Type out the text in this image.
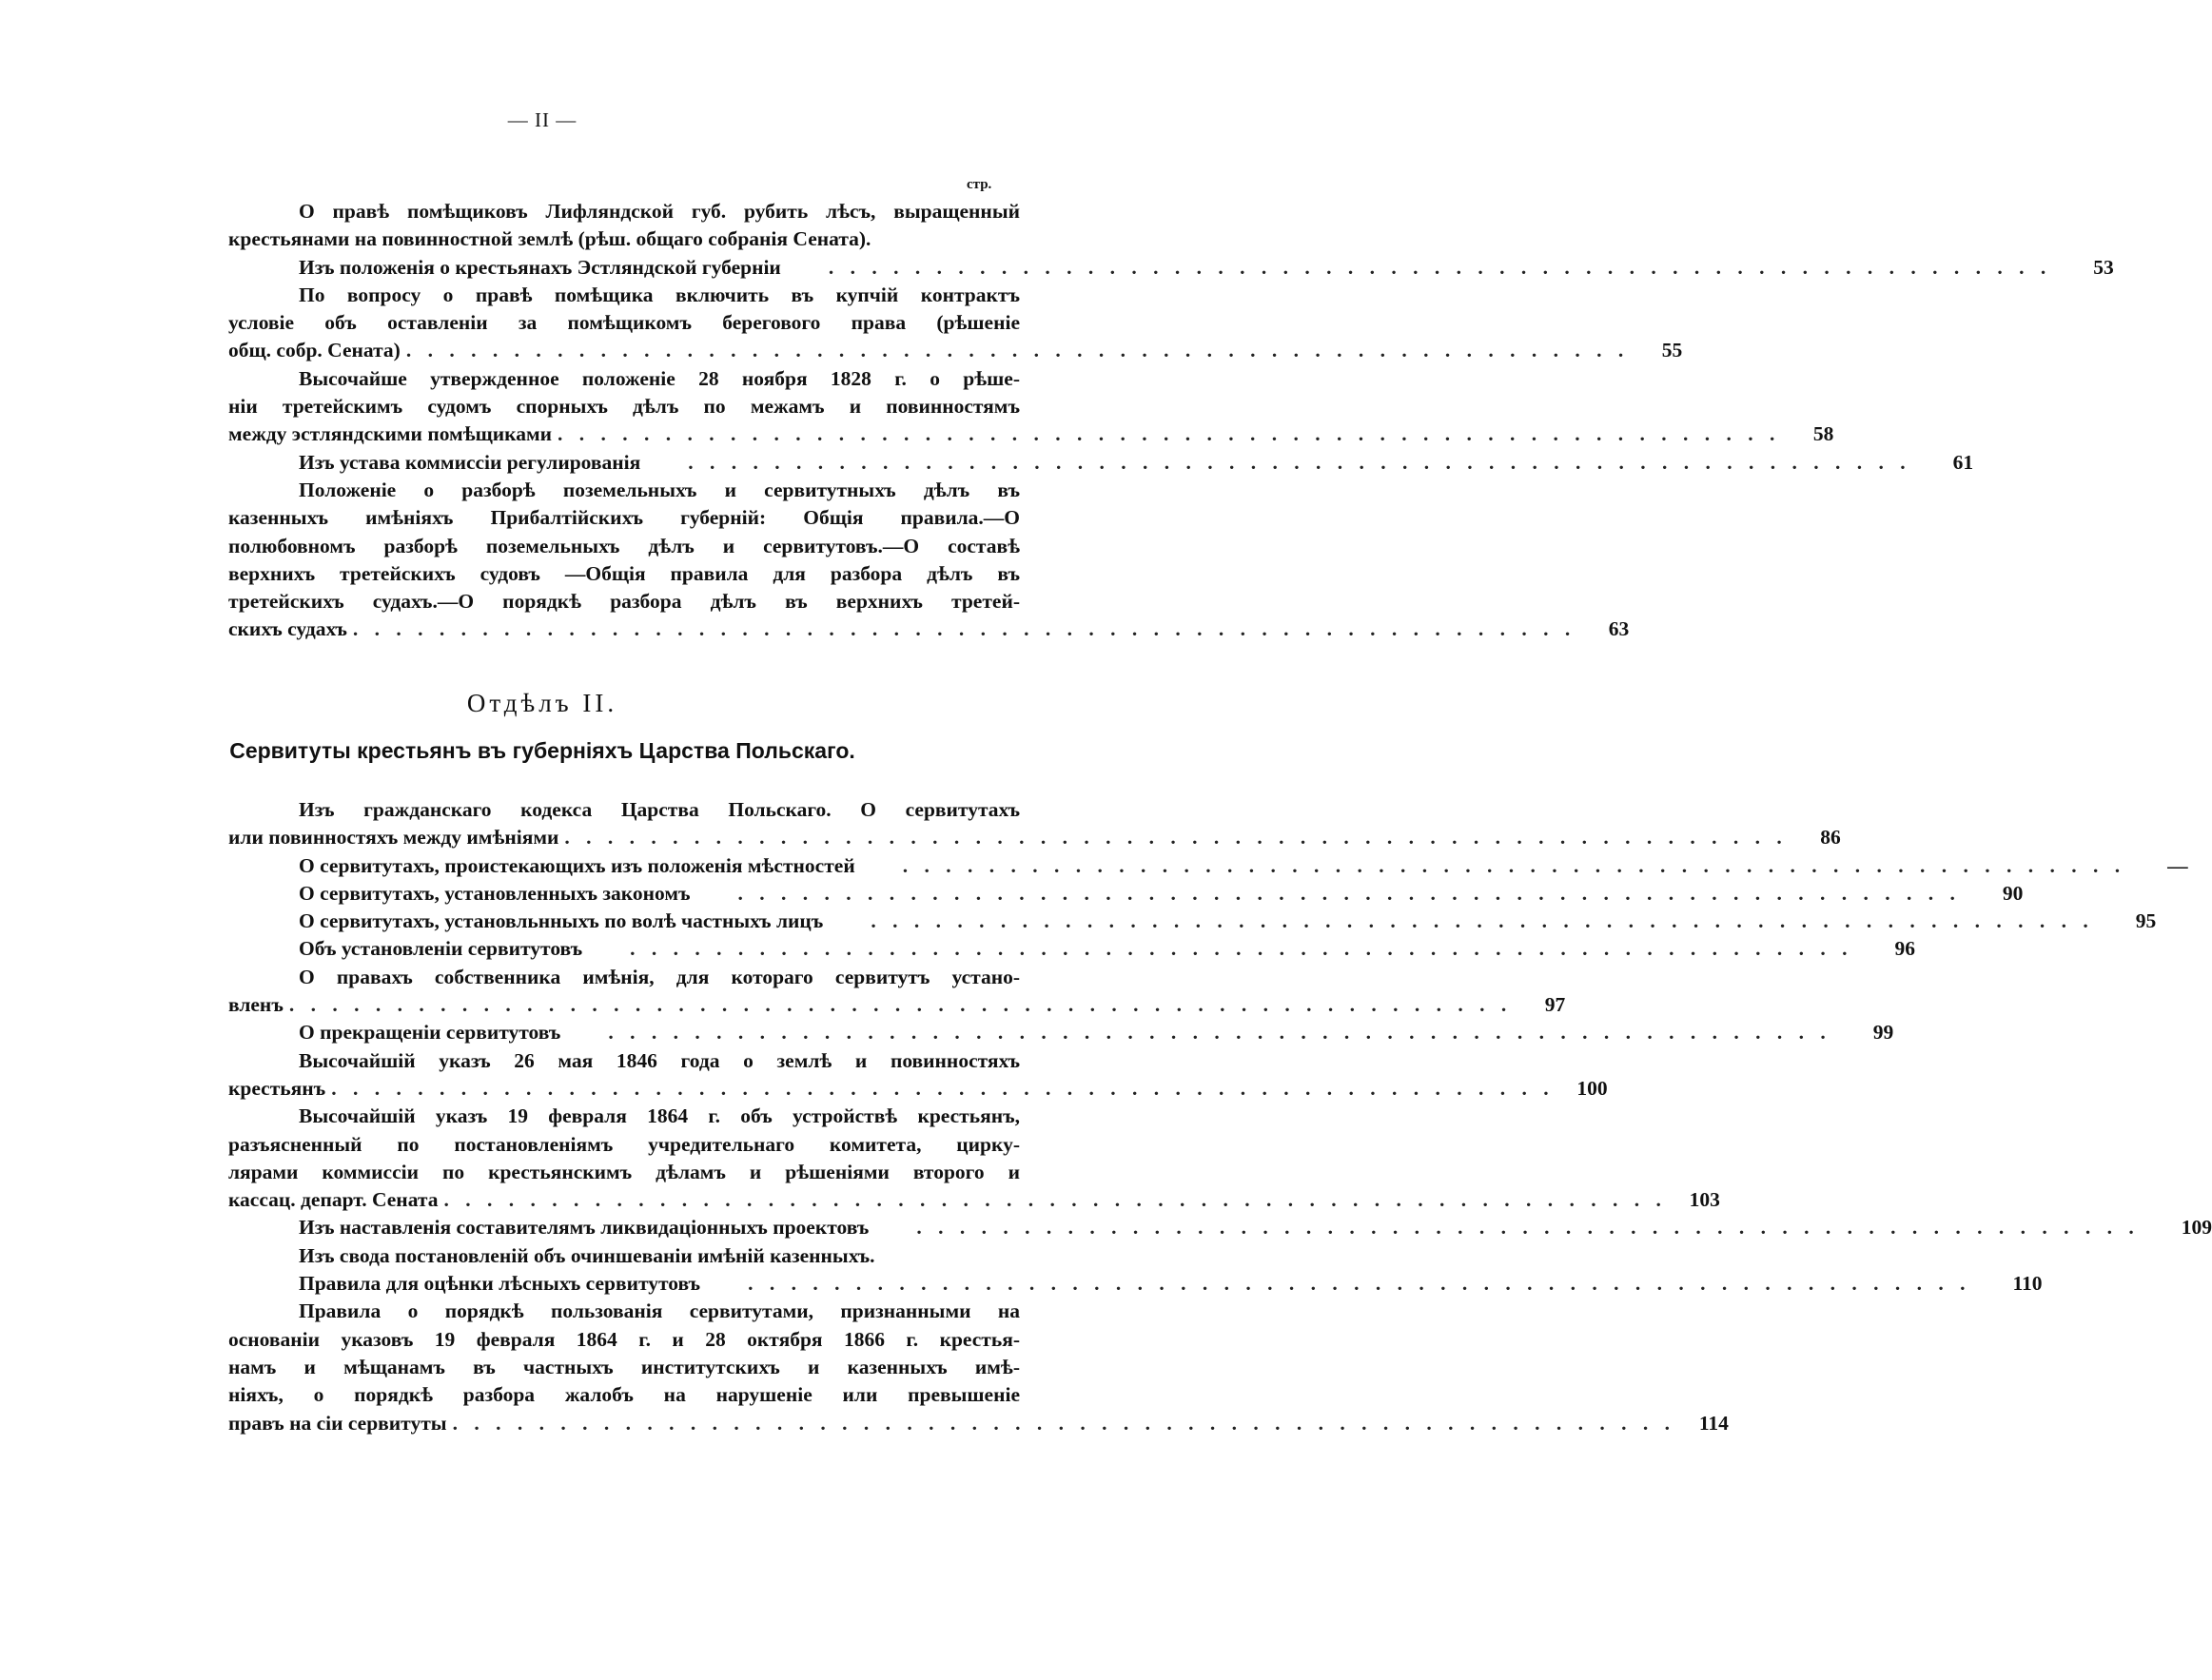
— II —
стр.
О правѣ помѣщиковъ Лифляндской губ. рубить лѣсъ, выращенный
крестьянами на повинностной землѣ (рѣш. общаго собранія Сената).
Изъ положенія о крестьянахъ Эстляндской губерніи	. . . . . . . . . . . . . . . . . . . . . . . . . . . . . . . . . . . . . . . . . . . . . . . . . . . . . . . . .	53
По вопросу о правѣ помѣщика включить въ купчій контрактъ
условіе объ оставленіи за помѣщикомъ берегового права (рѣшеніе
общ. собр. Сената) . . . . . . . . . . . . . . . . . . . . . . . . . . . . . . . . . . . . . . . . . . . . . . . . . . . . . . . . .	55
Высочайше утвержденное положеніе 28 ноября 1828 г. о рѣше-
ніи третейскимъ судомъ спорныхъ дѣлъ по межамъ и повинностямъ
между эстляндскими помѣщиками . . . . . . . . . . . . . . . . . . . . . . . . . . . . . . . . . . . . . . . . . . . . . . . . . . . . . . . . .	58
Изъ устава коммиссіи регулированія	. . . . . . . . . . . . . . . . . . . . . . . . . . . . . . . . . . . . . . . . . . . . . . . . . . . . . . . . .	61
Положеніе о разборѣ поземельныхъ и сервитутныхъ дѣлъ въ
казенныхъ имѣніяхъ Прибалтійскихъ губерній: Общія правила.—О
полюбовномъ разборѣ поземельныхъ дѣлъ и сервитутовъ.—О составѣ
верхнихъ третейскихъ судовъ —Общія правила для разбора дѣлъ въ
третейскихъ судахъ.—О порядкѣ разбора дѣлъ въ верхнихъ третей-
скихъ судахъ . . . . . . . . . . . . . . . . . . . . . . . . . . . . . . . . . . . . . . . . . . . . . . . . . . . . . . . . .	63
Отдѣлъ II.
Сервитуты крестьянъ въ губерніяхъ Царства Польскаго.
Изъ гражданскаго кодекса Царства Польскаго. О сервитутахъ
или повинностяхъ между имѣніями . . . . . . . . . . . . . . . . . . . . . . . . . . . . . . . . . . . . . . . . . . . . . . . . . . . . . . . . .	86
О сервитутахъ, проистекающихъ изъ положенія мѣстностей	. . . . . . . . . . . . . . . . . . . . . . . . . . . . . . . . . . . . . . . . . . . . . . . . . . . . . . . . .	—
О сервитутахъ, установленныхъ закономъ	. . . . . . . . . . . . . . . . . . . . . . . . . . . . . . . . . . . . . . . . . . . . . . . . . . . . . . . . .	90
О сервитутахъ, установльнныхъ по волѣ частныхъ лицъ	. . . . . . . . . . . . . . . . . . . . . . . . . . . . . . . . . . . . . . . . . . . . . . . . . . . . . . . . .	95
Объ установленіи сервитутовъ	. . . . . . . . . . . . . . . . . . . . . . . . . . . . . . . . . . . . . . . . . . . . . . . . . . . . . . . . .	96
О правахъ собственника имѣнія, для котораго сервитутъ устано-
вленъ . . . . . . . . . . . . . . . . . . . . . . . . . . . . . . . . . . . . . . . . . . . . . . . . . . . . . . . . .	97
О прекращеніи сервитутовъ	. . . . . . . . . . . . . . . . . . . . . . . . . . . . . . . . . . . . . . . . . . . . . . . . . . . . . . . . .	99
Высочайшій указъ 26 мая 1846 года о землѣ и повинностяхъ
крестьянъ . . . . . . . . . . . . . . . . . . . . . . . . . . . . . . . . . . . . . . . . . . . . . . . . . . . . . . . . .	100
Высочайшій указъ 19 февраля 1864 г. объ устройствѣ крестьянъ,
разъясненный по постановленіямъ учредительнаго комитета, цирку-
лярами коммиссіи по крестьянскимъ дѣламъ и рѣшеніями второго и
кассац. департ. Сената . . . . . . . . . . . . . . . . . . . . . . . . . . . . . . . . . . . . . . . . . . . . . . . . . . . . . . . . .	103
Изъ наставленія составителямъ ликвидаціонныхъ проектовъ	. . . . . . . . . . . . . . . . . . . . . . . . . . . . . . . . . . . . . . . . . . . . . . . . . . . . . . . . .	109
Изъ свода постановленій объ очиншеваніи имѣній казенныхъ.
Правила для оцѣнки лѣсныхъ сервитутовъ	. . . . . . . . . . . . . . . . . . . . . . . . . . . . . . . . . . . . . . . . . . . . . . . . . . . . . . . . .	110
Правила о порядкѣ пользованія сервитутами, признанными на
основаніи указовъ 19 февраля 1864 г. и 28 октября 1866 г. крестья-
намъ и мѣщанамъ въ частныхъ институтскихъ и казенныхъ имѣ-
ніяхъ, о порядкѣ разбора жалобъ на нарушеніе или превышеніе
правъ на сіи сервитуты . . . . . . . . . . . . . . . . . . . . . . . . . . . . . . . . . . . . . . . . . . . . . . . . . . . . . . . . .	114
